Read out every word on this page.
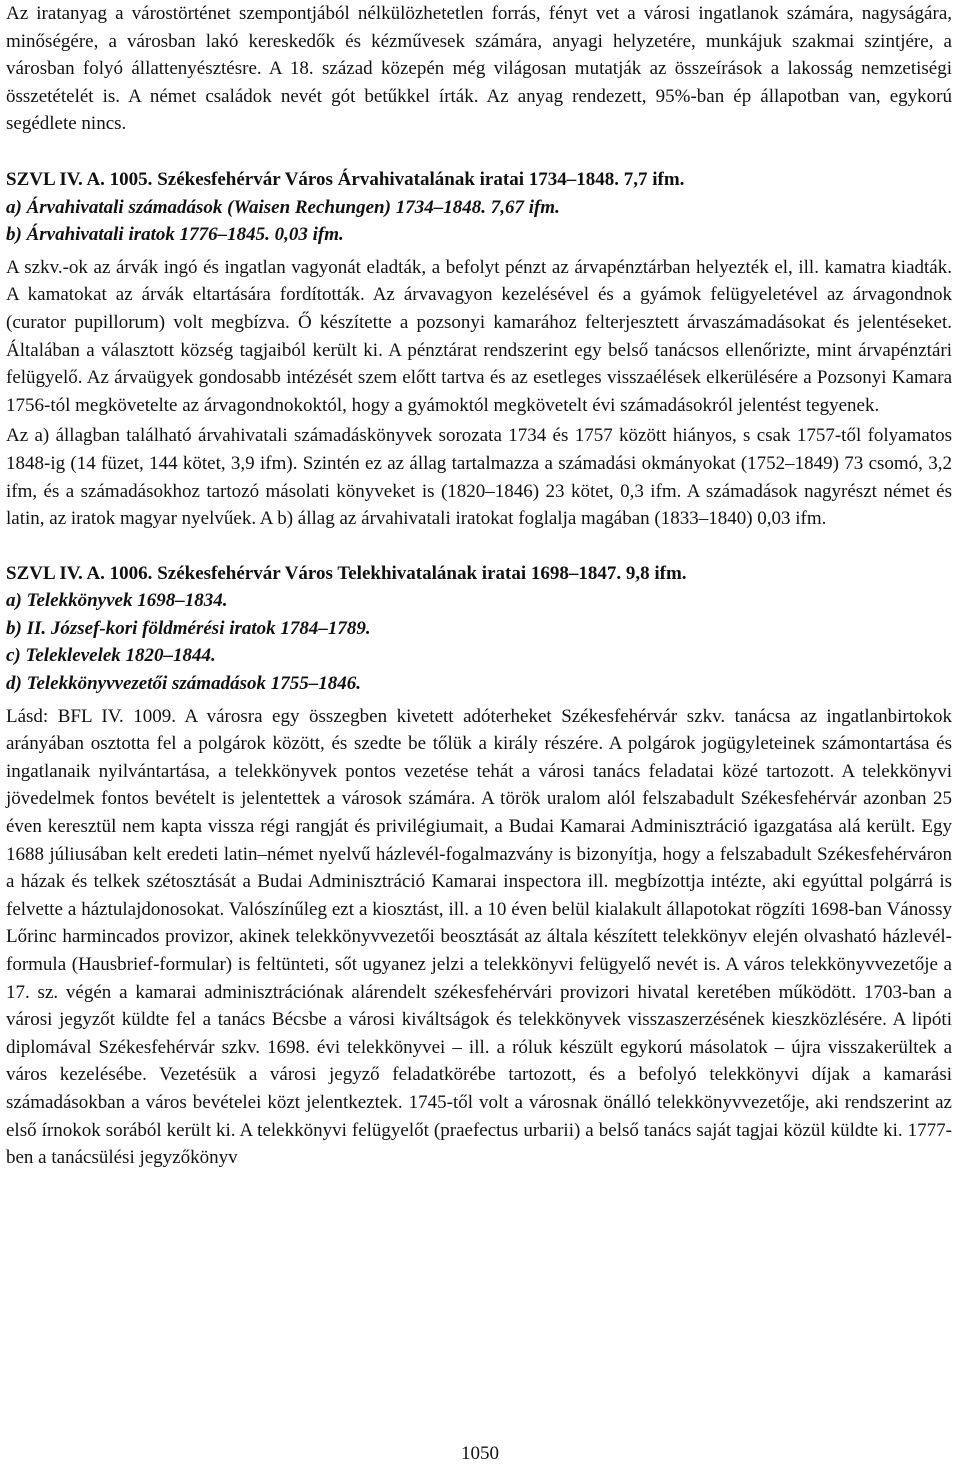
Az iratanyag a várostörténet szempontjából nélkülözhetetlen forrás, fényt vet a városi ingatlanok számára, nagyságára, minőségére, a városban lakó kereskedők és kézművesek számára, anyagi helyzetére, munkájuk szakmai szintjére, a városban folyó állattenyésztésre. A 18. század közepén még világosan mutatják az összeírások a lakosság nemzetiségi összetételét is. A német családok nevét gót betűkkel írták. Az anyag rendezett, 95%-ban ép állapotban van, egykorú segédlete nincs.

SZVL IV. A. 1005. Székesfehérvár Város Árvahivatalának iratai 1734–1848. 7,7 ifm.
a) Árvahivatali számadások (Waisen Rechungen) 1734–1848. 7,67 ifm.
b) Árvahivatali iratok 1776–1845. 0,03 ifm.

A szkv.-ok az árvák ingó és ingatlan vagyonát eladták, a befolyt pénzt az árvapénztárban helyezték el, ill. kamatra kiadták. A kamatokat az árvák eltartására fordították. Az árvavagyon kezelésével és a gyámok felügyeletével az árvagondnok (curator pupillorum) volt megbízva. Ő készítette a pozsonyi kamarához felterjesztett árvaszámadásokat és jelentéseket. Általában a választott község tagjaiból került ki. A pénztárat rendszerint egy belső tanácsos ellenőrizte, mint árvapénztári felügyelő. Az árvaügyek gondosabb intézését szem előtt tartva és az esetleges visszaélések elkerülésére a Pozsonyi Kamara 1756-tól megkövetelte az árvagondnokoktól, hogy a gyámoktól megkövetelt évi számadásokról jelentést tegyenek.

Az a) állagban található árvahivatali számadáskönyvek sorozata 1734 és 1757 között hiányos, s csak 1757-től folyamatos 1848-ig (14 füzet, 144 kötet, 3,9 ifm). Szintén ez az állag tartalmazza a számadási okmányokat (1752–1849) 73 csomó, 3,2 ifm, és a számadásokhoz tartozó másolati könyveket is (1820–1846) 23 kötet, 0,3 ifm. A számadások nagyrészt német és latin, az iratok magyar nyelvűek. A b) állag az árvahivatali iratokat foglalja magában (1833–1840) 0,03 ifm.

SZVL IV. A. 1006. Székesfehérvár Város Telekhivatalának iratai 1698–1847. 9,8 ifm.
a) Telekkönyvek 1698–1834.
b) II. József-kori földmérési iratok 1784–1789.
c) Teleklevelek 1820–1844.
d) Telekkönyvvezetői számadások 1755–1846.

Lásd: BFL IV. 1009. A városra egy összegben kivetett adóterheket Székesfehérvár szkv. tanácsa az ingatlanbirtokok arányában osztotta fel a polgárok között, és szedte be tőlük a király részére. A polgárok jogügyleteinek számontartása és ingatlanaik nyilvántartása, a telekkönyvek pontos vezetése tehát a városi tanács feladatai közé tartozott. A telekkönyvi jövedelmek fontos bevételt is jelentettek a városok számára. A török uralom alól felszabadult Székesfehérvár azonban 25 éven keresztül nem kapta vissza régi rangját és privilégiumait, a Budai Kamarai Adminisztráció igazgatása alá került. Egy 1688 júliusában kelt eredeti latin–német nyelvű házlevél-fogalmazvány is bizonyítja, hogy a felszabadult Székesfehérváron a házak és telkek szétosztását a Budai Adminisztráció Kamarai inspectora ill. megbízottja intézte, aki egyúttal polgárrá is felvette a háztulajdonosokat. Valószínűleg ezt a kiosztást, ill. a 10 éven belül kialakult állapotokat rögzíti 1698-ban Vánossy Lőrinc harmincados provizor, akinek telekkönyvvezetői beosztását az általa készített telekkönyv elején olvasható házlevél-formula (Hausbrief-formular) is feltünteti, sőt ugyanez jelzi a telekkönyvi felügyelő nevét is. A város telekkönyvvezetője a 17. sz. végén a kamarai adminisztrációnak alárendelt székesfehérvári provizori hivatal keretében működött. 1703-ban a városi jegyzőt küldte fel a tanács Bécsbe a városi kiváltságok és telekkönyvek visszaszerzésének kieszközlésére. A lipóti diplomával Székesfehérvár szkv. 1698. évi telekkönyvei – ill. a róluk készült egykorú másolatok – újra visszakerültek a város kezelésébe. Vezetésük a városi jegyző feladatkörébe tartozott, és a befolyó telekkönyvi díjak a kamarási számadásokban a város bevételei közt jelentkeztek. 1745-től volt a városnak önálló telekkönyvvezetője, aki rendszerint az első írnokok sorából került ki. A telekkönyvi felügyelőt (praefectus urbarii) a belső tanács saját tagjai közül küldte ki. 1777-ben a tanácsülési jegyzőkönyv

1050
